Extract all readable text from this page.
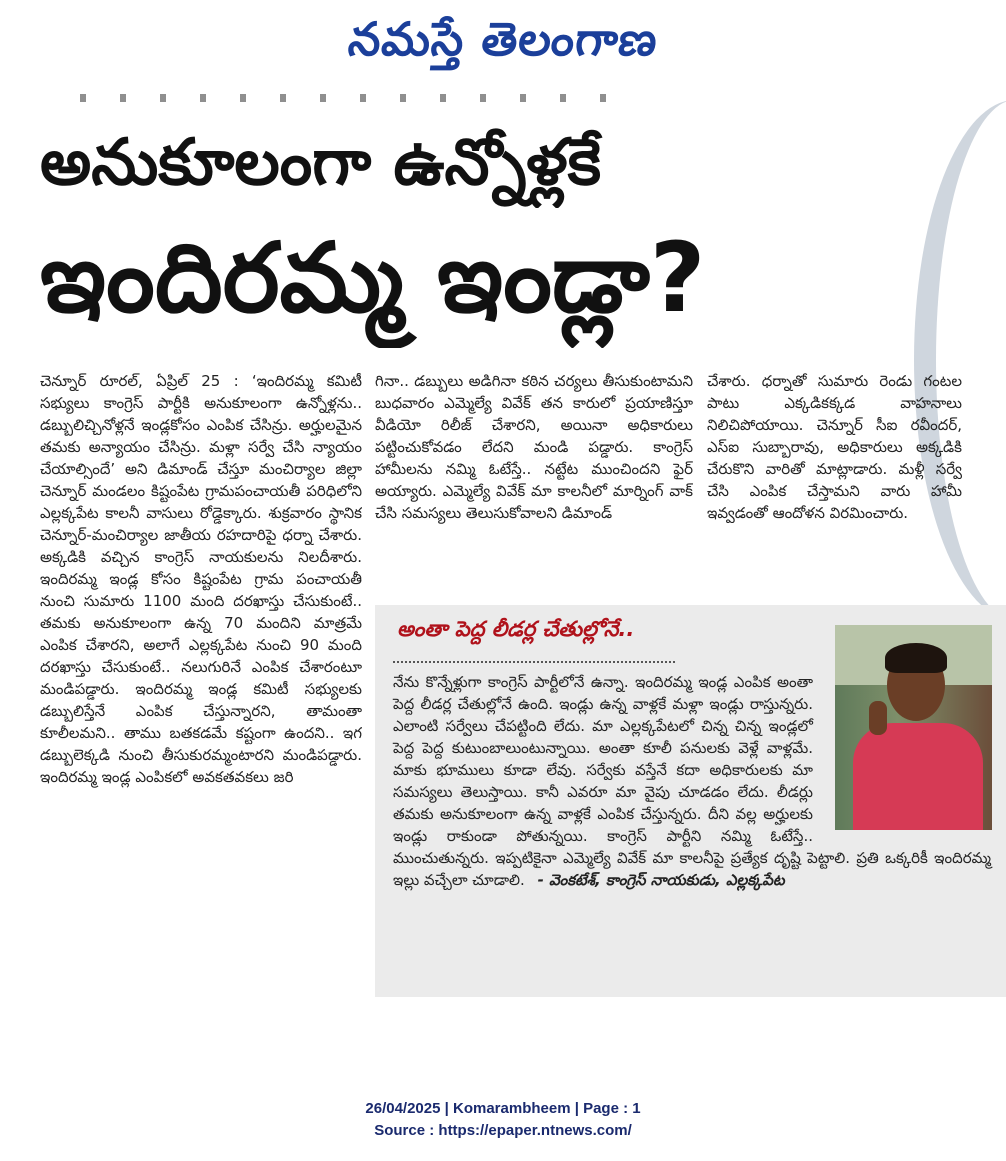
నమస్తే తెలంగాణ
అనుకూలంగా ఉన్నోళ్లకే
ఇందిరమ్మ ఇండ్లా?

చెన్నూర్ రూరల్, ఏప్రిల్ 25 : ‘ఇందిరమ్మ కమిటీ సభ్యులు కాంగ్రెస్ పార్టీకి అనుకూలంగా ఉన్నోళ్లను.. డబ్బులిచ్చినోళ్లనే ఇండ్లకోసం ఎంపిక చేసిన్రు. అర్హులమైన తమకు అన్యాయం చేసిన్రు. మళ్లా సర్వే చేసి న్యాయం చేయాల్సిందే’ అని డిమాండ్ చేస్తూ మంచిర్యాల జిల్లా చెన్నూర్ మండలం కిష్టంపేట గ్రామపంచాయతీ పరిధిలోని ఎల్లక్కపేట కాలనీ వాసులు రోడ్డెక్కారు. శుక్రవారం స్థానిక చెన్నూర్-మంచిర్యాల జాతీయ రహదారిపై ధర్నా చేశారు. అక్కడికి వచ్చిన కాంగ్రెస్ నాయకులను నిలదీశారు. ఇందిరమ్మ ఇండ్ల కోసం కిష్టంపేట గ్రామ పంచాయతీ నుంచి సుమారు 1100 మంది దరఖాస్తు చేసుకుంటే.. తమకు అనుకూలంగా ఉన్న 70 మందిని మాత్రమే ఎంపిక చేశారని, అలాగే ఎల్లక్కపేట నుంచి 90 మంది దరఖాస్తు చేసుకుంటే.. నలుగురినే ఎంపిక చేశారంటూ మండిపడ్డారు. ఇందిరమ్మ ఇండ్ల కమిటీ సభ్యులకు డబ్బులిస్తేనే ఎంపిక చేస్తున్నారని, తామంతా కూలీలమని.. తాము బతకడమే కష్టంగా ఉందని.. ఇగ డబ్బులెక్కడి నుంచి తీసుకురమ్మంటారని మండిపడ్డారు. ఇందిరమ్మ ఇండ్ల ఎంపికలో అవకతవకలు జరి

గినా.. డబ్బులు అడిగినా కఠిన చర్యలు తీసుకుంటామని బుధవారం ఎమ్మెల్యే వివేక్ తన కారులో ప్రయాణిస్తూ వీడియో రిలీజ్ చేశారని, అయినా అధికారులు పట్టించుకోవడం లేదని మండి పడ్డారు. కాంగ్రెస్ హామీలను నమ్మి ఓటేస్తే.. నట్టేట ముంచిందని ఫైర్ అయ్యారు. ఎమ్మెల్యే వివేక్ మా కాలనీలో మార్నింగ్ వాక్ చేసి సమస్యలు తెలుసుకోవాలని డిమాండ్

చేశారు. ధర్నాతో సుమారు రెండు గంటల పాటు ఎక్కడికక్కడ వాహనాలు నిలిచిపోయాయి. చెన్నూర్ సీఐ రవీందర్, ఎస్ఐ సుబ్బారావు, అధికారులు అక్కడికి చేరుకొని వారితో మాట్లాడారు. మళ్లీ సర్వే చేసి ఎంపిక చేస్తామని వారు హామీ ఇవ్వడంతో ఆందోళన విరమించారు.

అంతా పెద్ద లీడర్ల చేతుల్లోనే..

నేను కొన్నేళ్లుగా కాంగ్రెస్ పార్టీలోనే ఉన్నా. ఇందిరమ్మ ఇండ్ల ఎంపిక అంతా పెద్ద లీడర్ల చేతుల్లోనే ఉంది. ఇండ్లు ఉన్న వాళ్లకే మళ్లా ఇండ్లు రాస్తున్నరు. ఎలాంటి సర్వేలు చేపట్టింది లేదు. మా ఎల్లక్కపేటలో చిన్న చిన్న ఇండ్లలో పెద్ద పెద్ద కుటుంబాలుంటున్నాయి. అంతా కూలీ పనులకు వెళ్లే వాళ్లమే. మాకు భూములు కూడా లేవు. సర్వేకు వస్తేనే కదా అధికారులకు మా సమస్యలు తెలుస్తాయి. కానీ ఎవరూ మా వైపు చూడడం లేదు. లీడర్లు తమకు అనుకూలంగా ఉన్న వాళ్లకే ఎంపిక చేస్తున్నరు. దీని వల్ల అర్హులకు ఇండ్లు రాకుండా పోతున్నయి. కాంగ్రెస్ పార్టీని నమ్మి ఓటేస్తే.. ముంచుతున్నరు. ఇప్పటికైనా ఎమ్మెల్యే వివేక్ మా కాలనీపై ప్రత్యేక దృష్టి పెట్టాలి. ప్రతి ఒక్కరికీ ఇందిరమ్మ ఇల్లు వచ్చేలా చూడాలి. - వెంకటేశ్, కాంగ్రెస్ నాయకుడు, ఎల్లక్కపేట

26/04/2025 | Komarambheem | Page : 1
Source : https://epaper.ntnews.com/
